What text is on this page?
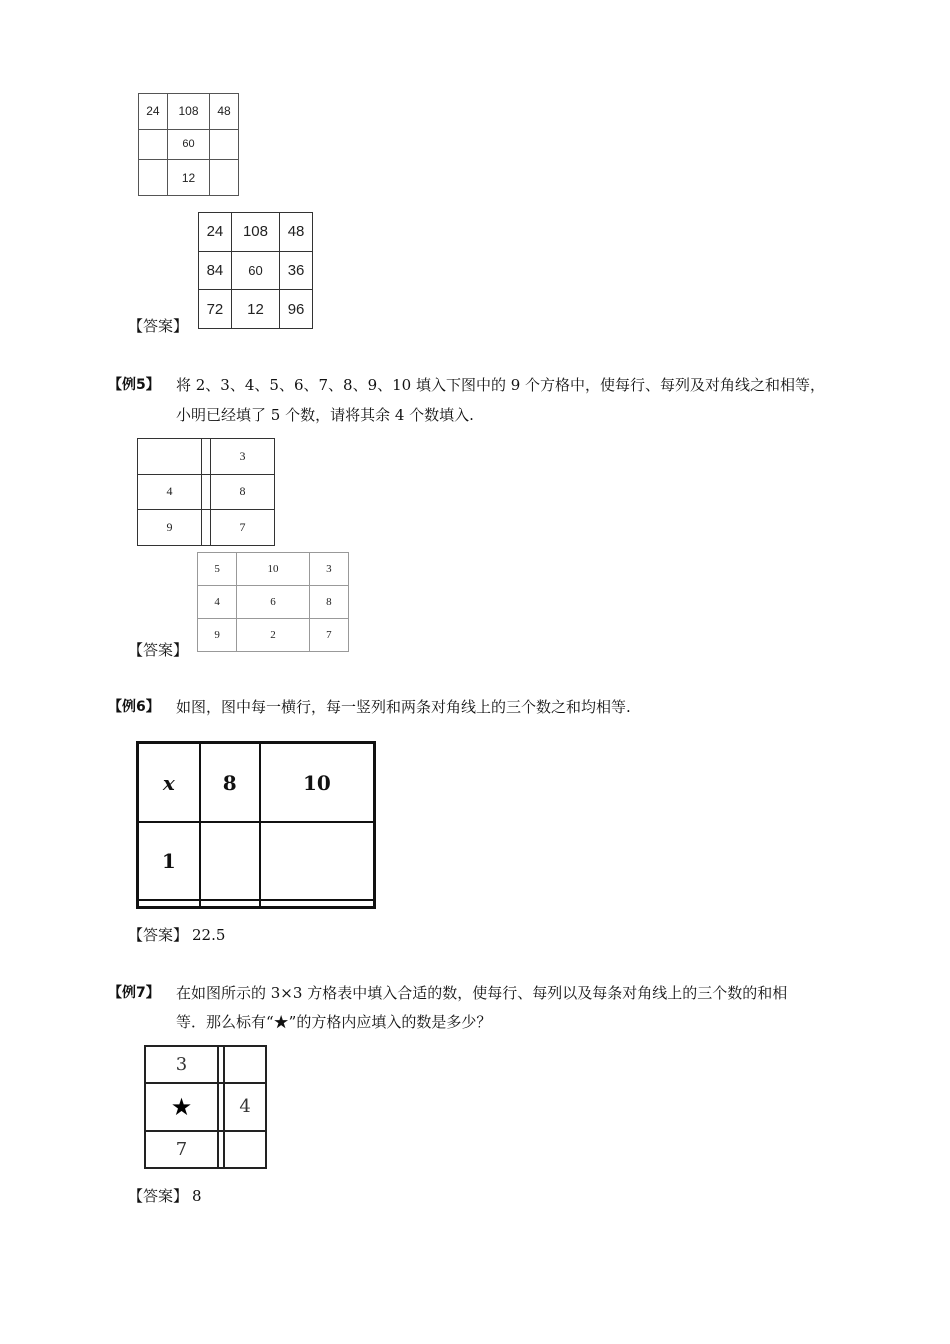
24	108	48
	60	
	12	
【答案】
24	108	48
84	60	36
72	12	96
【例5】 将 2、3、4、5、6、7、8、9、10 填入下图中的 9 个方格中，使每行、每列及对角线之和相等，
小明已经填了 5 个数，请将其余 4 个数填入.
		3
4		8
9		7
【答案】
5	10	3
4	6	8
9	2	7
【例6】 如图，图中每一横行，每一竖列和两条对角线上的三个数之和均相等.
x	8	10
1		

【答案】 22.5
【例7】 在如图所示的 3×3 方格表中填入合适的数，使每行、每列以及每条对角线上的三个数的和相
等．那么标有“★”的方格内应填入的数是多少？
3		
★		4
7		
【答案】 8
